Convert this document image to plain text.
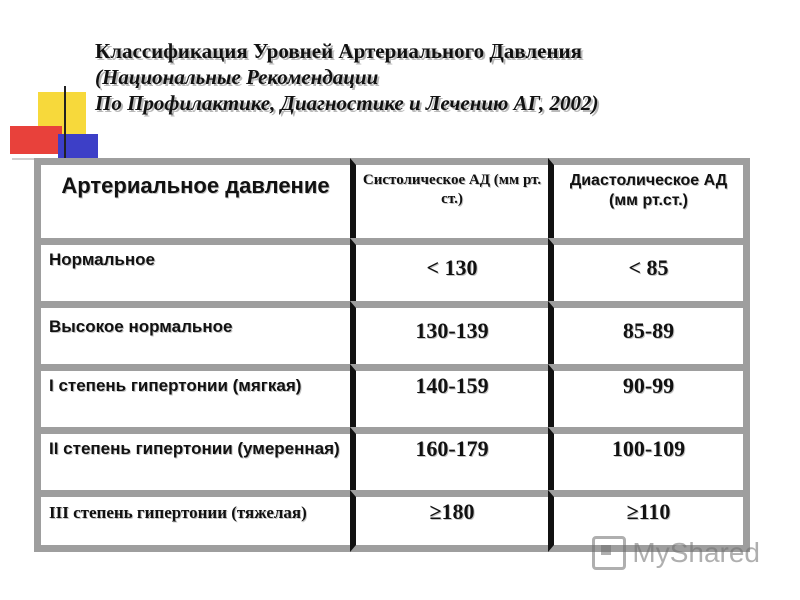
Классификация Уровней Артериального Давления
(Национальные Рекомендации
По Профилактике, Диагностике и Лечению АГ, 2002)
Артериальное давление	Систолическое АД (мм рт. ст.)	Диастолическое АД (мм рт.ст.)
Нормальное	< 130	< 85
Высокое нормальное	130-139	85-89
I степень гипертонии (мягкая)	140-159	90-99
II степень гипертонии (умеренная)	160-179	100-109
III степень гипертонии (тяжелая)	≥180	≥110
MyShared
